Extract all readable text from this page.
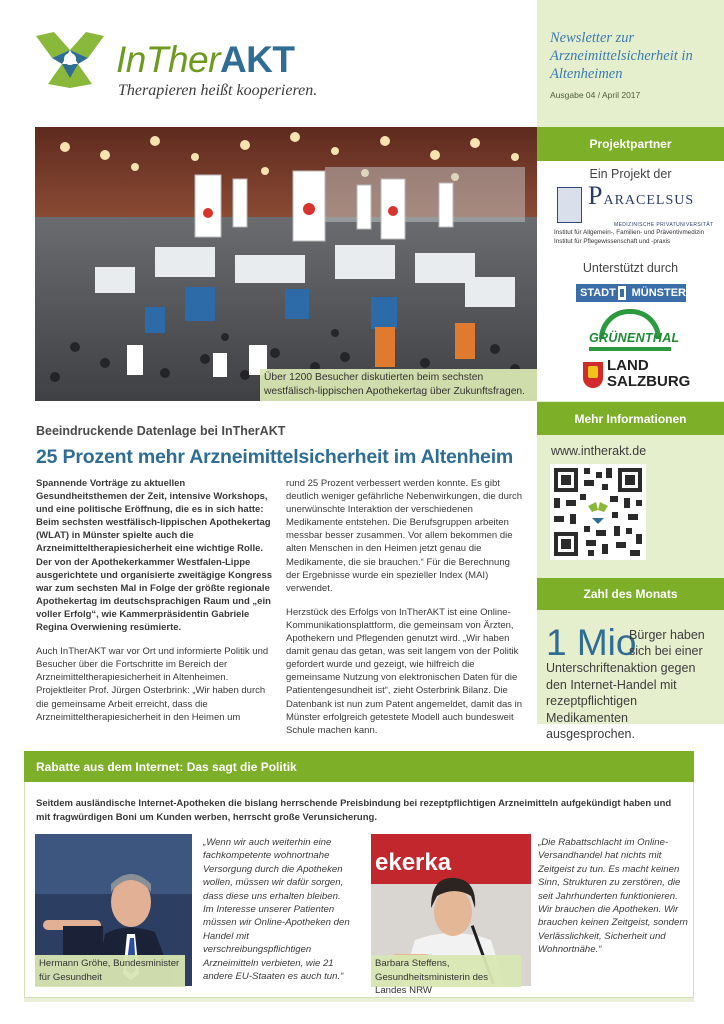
InTherAKT
Therapieren heißt kooperieren.
Newsletter zur Arzneimittelsicherheit in Altenheimen
Ausgabe 04 / April 2017
Über 1200 Besucher diskutierten beim sechsten westfälisch-lippischen Apothekertag über Zukunftsfragen.
Projektpartner
Ein Projekt der
PARACELSUS
MEDIZINISCHE PRIVATUNIVERSITÄT
Institut für Allgemein-, Familien- und Präventivmedizin
Institut für Pflegewissenschaft und -praxis
Unterstützt durch
STADT	MÜNSTER
GRÜNENTHAL
LAND
SALZBURG
Mehr Informationen
www.intherakt.de
Zahl des Monats
1 Mio
Bürger haben
sich bei einer
Unterschriftenaktion gegen den Internet-Handel mit rezeptpflichtigen Medikamenten ausgesprochen.
Beeindruckende Datenlage bei InTherAKT
25 Prozent mehr Arzneimittelsicherheit im Altenheim

Spannende Vorträge zu aktuellen Gesundheitsthemen der Zeit, intensive Workshops, und eine politische Eröffnung, die es in sich hatte: Beim sechsten westfälisch-lippischen Apothekertag (WLAT) in Münster spielte auch die Arzneimitteltherapiesicherheit eine wichtige Rolle. Der von der Apothekerkammer Westfalen-Lippe ausgerichtete und organisierte zweitägige Kongress war zum sechsten Mal in Folge der größte regionale Apothekertag im deutschsprachigen Raum und „ein voller Erfolg“, wie Kammerpräsidentin Gabriele Regina Overwiening resümierte.

Auch InTherAKT war vor Ort und informierte Politik und Besucher über die Fortschritte im Bereich der Arzneimitteltherapiesicherheit in Altenheimen. Projektleiter Prof. Jürgen Osterbrink: „Wir haben durch die gemeinsame Arbeit erreicht, dass die Arzneimitteltherapiesicherheit in den Heimen um

rund 25 Prozent verbessert werden konnte. Es gibt deutlich weniger gefährliche Nebenwirkungen, die durch unerwünschte Interaktion der verschiedenen Medikamente entstehen. Die Berufsgruppen arbeiten messbar besser zusammen. Vor allem bekommen die alten Menschen in den Heimen jetzt genau die Medikamente, die sie brauchen.“ Für die Berechnung der Ergebnisse wurde ein spezieller Index (MAI) verwendet.

Herzstück des Erfolgs von InTherAKT ist eine Online-Kommunikationsplattform, die gemeinsam von Ärzten, Apothekern und Pflegenden genutzt wird. „Wir haben damit genau das getan, was seit langem von der Politik gefordert wurde und gezeigt, wie hilfreich die gemeinsame Nutzung von elektronischen Daten für die Patientengesundheit ist“, zieht Osterbrink Bilanz. Die Datenbank ist nun zum Patent angemeldet, damit das in Münster erfolgreich getestete Modell auch bundesweit Schule machen kann.

Rabatte aus dem Internet: Das sagt die Politik
Seitdem ausländische Internet-Apotheken die bislang herrschende Preisbindung bei rezeptpflichtigen Arzneimitteln aufgekündigt haben und mit fragwürdigen Boni um Kunden werben, herrscht große Verunsicherung.
Hermann Gröhe, Bundesminister für Gesundheit
„Wenn wir auch weiterhin eine fachkompetente wohnortnahe Versorgung durch die Apotheken wollen, müssen wir dafür sorgen, dass diese uns erhalten bleiben. Im Interesse unserer Patienten müssen wir Online-Apotheken den Handel mit verschreibungspflichtigen Arzneimitteln verbieten, wie 21 andere EU-Staaten es auch tun.“
ekerka
Barbara Steffens, Gesundheitsministerin des Landes NRW
„Die Rabattschlacht im Online-Versandhandel hat nichts mit Zeitgeist zu tun. Es macht keinen Sinn, Strukturen zu zerstören, die seit Jahrhunderten funktionieren. Wir brauchen die Apotheken. Wir brauchen keinen Zeitgeist, sondern Verlässlichkeit, Sicherheit und Wohnortnähe.“
